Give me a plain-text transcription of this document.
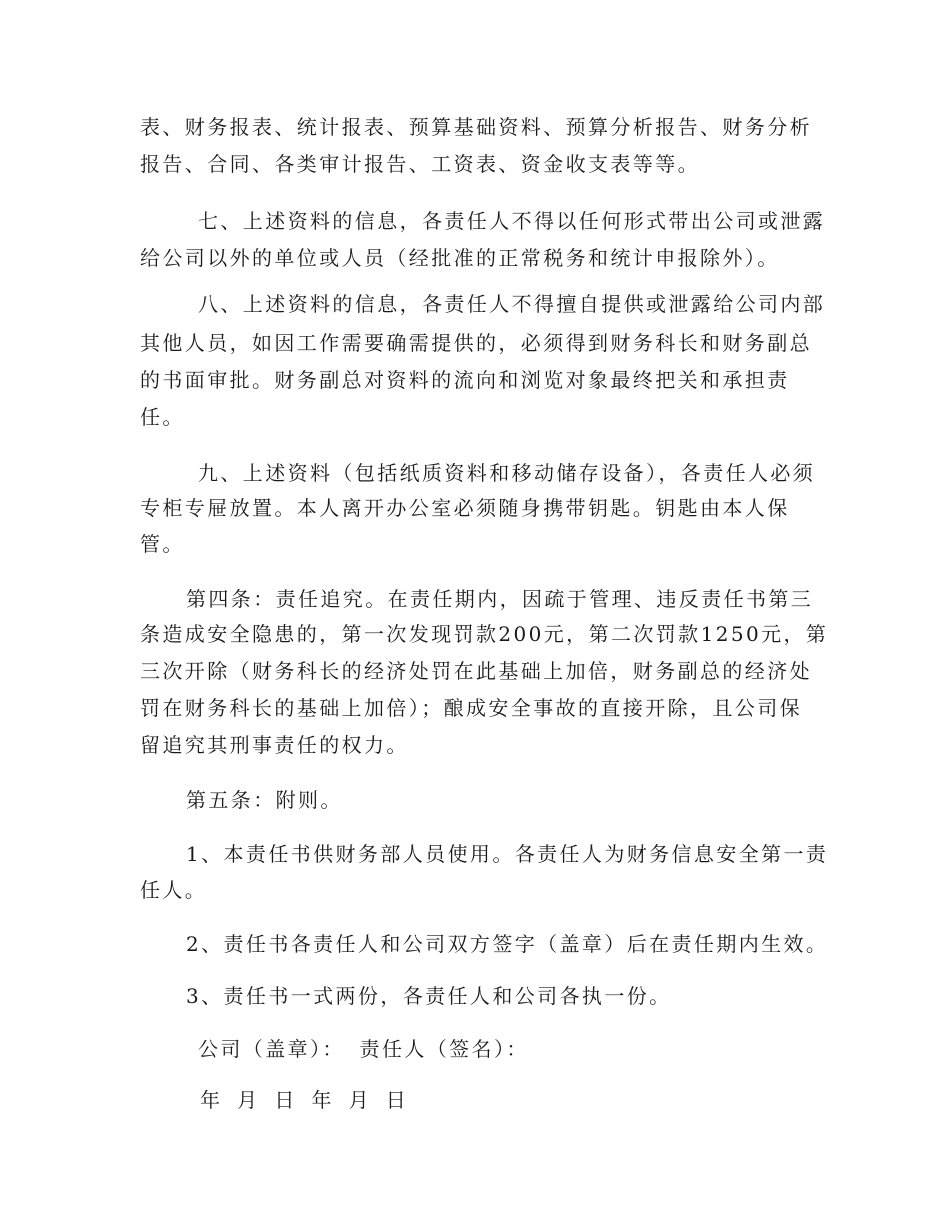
表、财务报表、统计报表、预算基础资料、预算分析报告、财务分析
报告、合同、各类审计报告、工资表、资金收支表等等。
七、上述资料的信息，各责任人不得以任何形式带出公司或泄露
给公司以外的单位或人员（经批准的正常税务和统计申报除外）。
八、上述资料的信息，各责任人不得擅自提供或泄露给公司内部
其他人员，如因工作需要确需提供的，必须得到财务科长和财务副总
的书面审批。财务副总对资料的流向和浏览对象最终把关和承担责
任。
九、上述资料（包括纸质资料和移动储存设备），各责任人必须
专柜专屉放置。本人离开办公室必须随身携带钥匙。钥匙由本人保
管。
第四条：责任追究。在责任期内，因疏于管理、违反责任书第三
条造成安全隐患的，第一次发现罚款200元，第二次罚款1250元，第
三次开除（财务科长的经济处罚在此基础上加倍，财务副总的经济处
罚在财务科长的基础上加倍）；酿成安全事故的直接开除，且公司保
留追究其刑事责任的权力。
第五条：附则。
1、本责任书供财务部人员使用。各责任人为财务信息安全第一责
任人。
2、责任书各责任人和公司双方签字（盖章）后在责任期内生效。
3、责任书一式两份，各责任人和公司各执一份。
公司（盖章）： 责任人（签名）：
年 月 日 年 月 日
